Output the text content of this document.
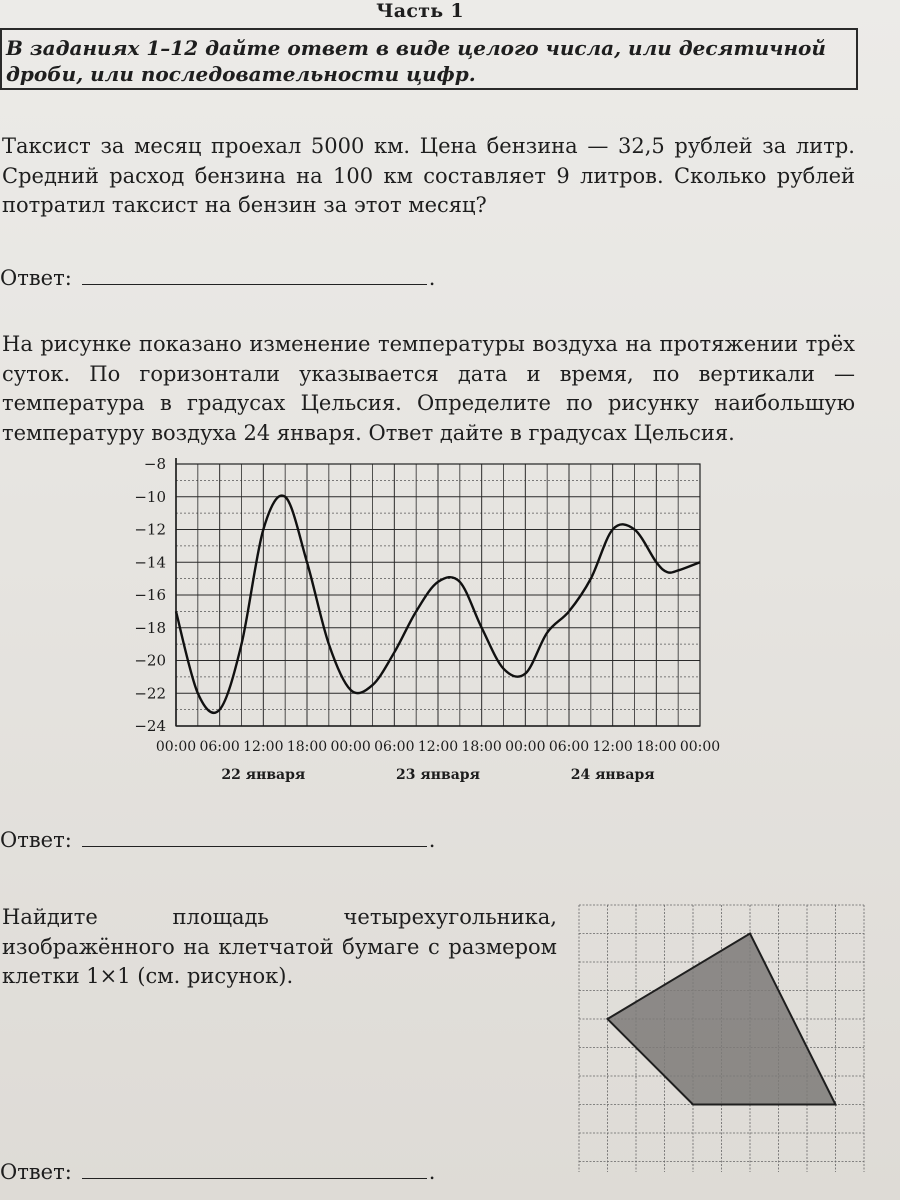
Часть 1
В заданиях 1–12 дайте ответ в виде целого числа, или десятичной дроби, или последовательности цифр.
Таксист за месяц проехал 5000 км. Цена бензина — 32,5 рублей за литр. Средний расход бензина на 100 км составляет 9 литров. Сколько рублей потратил таксист на бензин за этот месяц?
Ответ:	.
На рисунке показано изменение температуры воздуха на протяжении трёх суток. По горизонтали указывается дата и время, по вертикали — температура в градусах Цельсия. Определите по рисунку наибольшую температуру воздуха 24 января. Ответ дайте в градусах Цельсия.
−8
−10
−12
−14
−16
−18
−20
−22
−24
00:00 06:00 12:00 18:00 00:00 06:00 12:00 18:00 00:00 06:00 12:00 18:00 00:00
22 января	23 января	24 января
Ответ:	.
Найдите площадь четырехугольника, изображённого на клетчатой бумаге с размером клетки 1×1 (см. рисунок).
Ответ:	.
